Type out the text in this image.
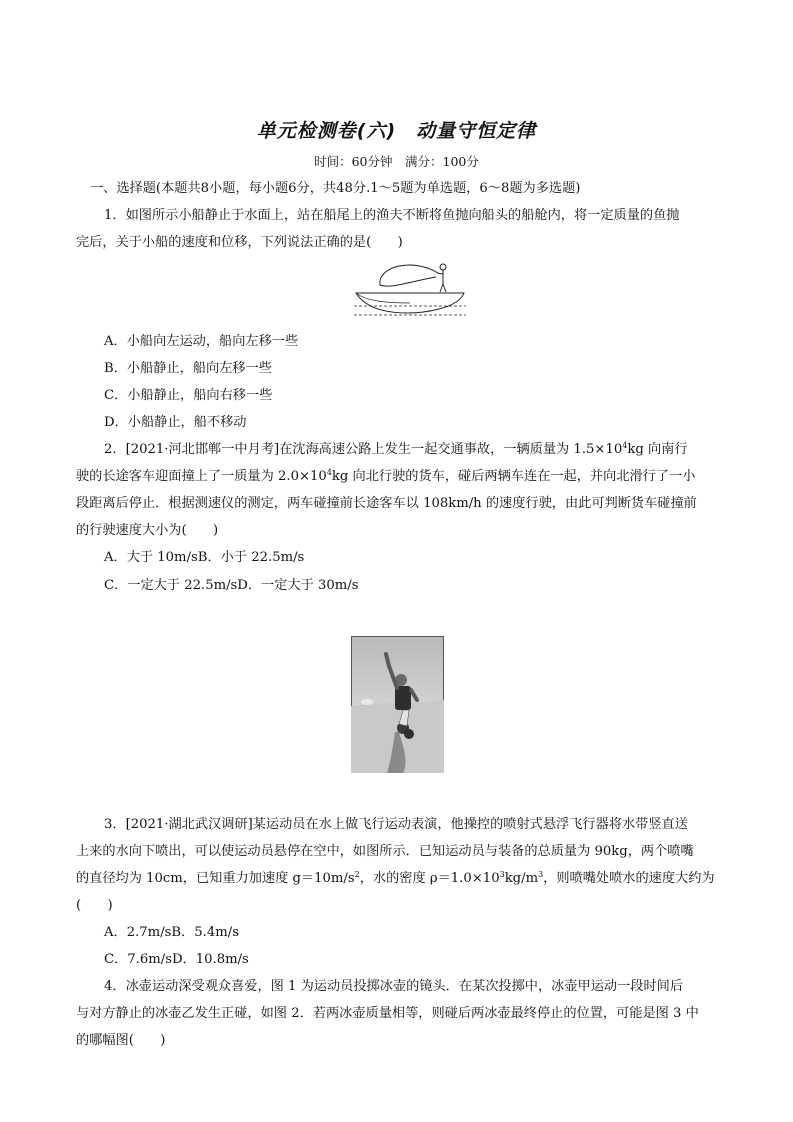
单元检测卷(六) 动量守恒定律
时间：60分钟　满分：100分
一、选择题(本题共8小题，每小题6分，共48分.1～5题为单选题，6～8题为多选题)
1．如图所示小船静止于水面上，站在船尾上的渔夫不断将鱼抛向船头的船舱内，将一定质量的鱼抛
完后，关于小船的速度和位移，下列说法正确的是(　　)
A．小船向左运动，船向左移一些
B．小船静止，船向左移一些
C．小船静止，船向右移一些
D．小船静止，船不移动
2．[2021·河北邯郸一中月考]在沈海高速公路上发生一起交通事故，一辆质量为 $1.5\times 10^4kg$ 向南行
驶的长途客车迎面撞上了一质量为 $2.0\times 10^4kg$ 向北行驶的货车，碰后两辆车连在一起，并向北滑行了一小
段距离后停止．根据测速仪的测定，两车碰撞前长途客车以 108km/h 的速度行驶，由此可判断货车碰撞前
的行驶速度大小为(　　)
A．大于 10m/sB．小于 22.5m/s
C．一定大于 22.5m/sD．一定大于 30m/s
3．[2021·湖北武汉调研]某运动员在水上做飞行运动表演，他操控的喷射式悬浮飞行器将水带竖直送
上来的水向下喷出，可以使运动员悬停在空中，如图所示．已知运动员与装备的总质量为 90kg，两个喷嘴
的直径均为 10cm，已知重力加速度 $g=10m/s^2$，水的密度 $\rho=1.0\times 10^3kg/m^3$，则喷嘴处喷水的速度大约为
(　　)
A．2.7m/sB．5.4m/s
C．7.6m/sD．10.8m/s
4．冰壶运动深受观众喜爱，图 1 为运动员投掷冰壶的镜头．在某次投掷中，冰壶甲运动一段时间后
与对方静止的冰壶乙发生正碰，如图 2．若两冰壶质量相等，则碰后两冰壶最终停止的位置，可能是图 3 中
的哪幅图(　　)
